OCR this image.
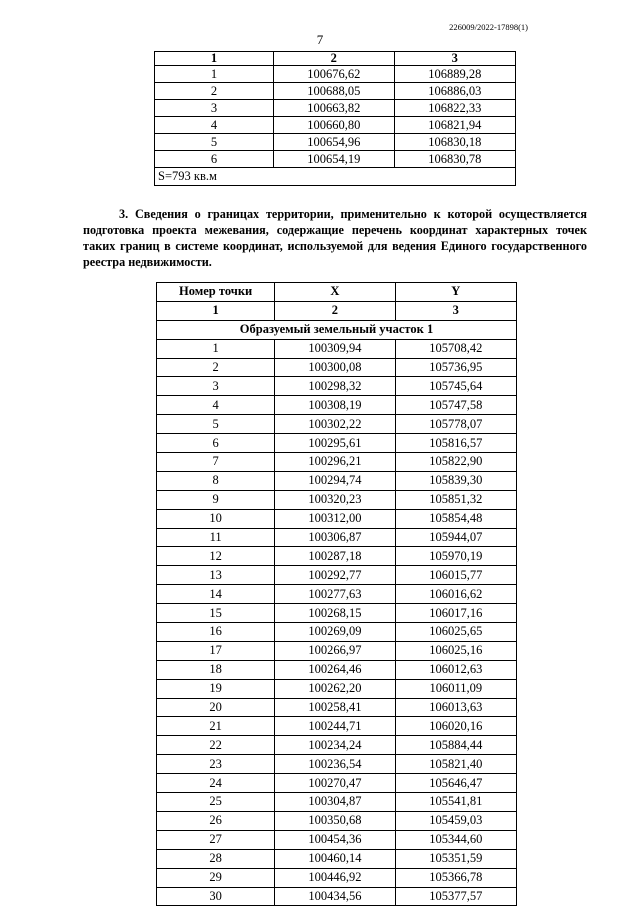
226009/2022-17898(1)
7
1	2	3
1	100676,62	106889,28
2	100688,05	106886,03
3	100663,82	106822,33
4	100660,80	106821,94
5	100654,96	106830,18
6	100654,19	106830,78
S=793 кв.м		
3. Сведения о границах территории, применительно к которой осуществляется подготовка проекта межевания, содержащие перечень координат характерных точек таких границ в системе координат, используемой для ведения Единого государственного реестра недвижимости.
Номер точки	X	Y
1	2	3
Образуемый земельный участок 1		
1	100309,94	105708,42
2	100300,08	105736,95
3	100298,32	105745,64
4	100308,19	105747,58
5	100302,22	105778,07
6	100295,61	105816,57
7	100296,21	105822,90
8	100294,74	105839,30
9	100320,23	105851,32
10	100312,00	105854,48
11	100306,87	105944,07
12	100287,18	105970,19
13	100292,77	106015,77
14	100277,63	106016,62
15	100268,15	106017,16
16	100269,09	106025,65
17	100266,97	106025,16
18	100264,46	106012,63
19	100262,20	106011,09
20	100258,41	106013,63
21	100244,71	106020,16
22	100234,24	105884,44
23	100236,54	105821,40
24	100270,47	105646,47
25	100304,87	105541,81
26	100350,68	105459,03
27	100454,36	105344,60
28	100460,14	105351,59
29	100446,92	105366,78
30	100434,56	105377,57
